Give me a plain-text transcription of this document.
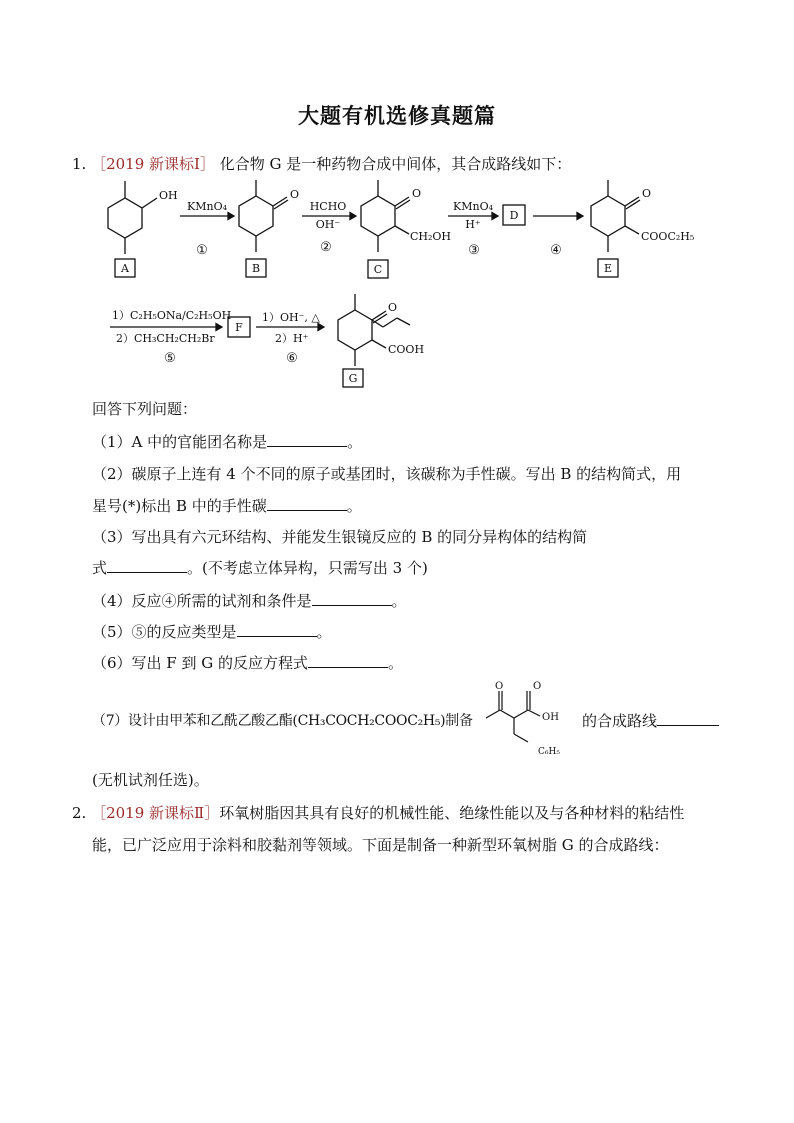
大题有机选修真题篇
1. ［2019 新课标Ⅰ］ 化合物 G 是一种药物合成中间体，其合成路线如下：
OH
A
KMnO₄
①
O
B
HCHO
OH⁻
②
O
CH₂OH
C
KMnO₄
H⁺
③
D
④
O
COOC₂H₅
E
1）C₂H₅ONa/C₂H₅OH
2）CH₃CH₂CH₂Br
⑤
F
1）OH⁻, △
2）H⁺
⑥
O
COOH
G
回答下列问题：
（1）A 中的官能团名称是	。
（2）碳原子上连有 4 个不同的原子或基团时，该碳称为手性碳。写出 B 的结构简式，用
星号(*)标出 B 中的手性碳	。
（3）写出具有六元环结构、并能发生银镜反应的 B 的同分异构体的结构简
式	。(不考虑立体异构，只需写出 3 个)
（4）反应④所需的试剂和条件是	。
（5）⑤的反应类型是	。
（6）写出 F 到 G 的反应方程式	。
（7）设计由甲苯和乙酰乙酸乙酯(CH₃COCH₂COOC₂H₅)制备
O	O
OH
C₆H₅
的合成路线
(无机试剂任选)。
2. ［2019 新课标Ⅱ］环氧树脂因其具有良好的机械性能、绝缘性能以及与各种材料的粘结性
能，已广泛应用于涂料和胶黏剂等领域。下面是制备一种新型环氧树脂 G 的合成路线：
